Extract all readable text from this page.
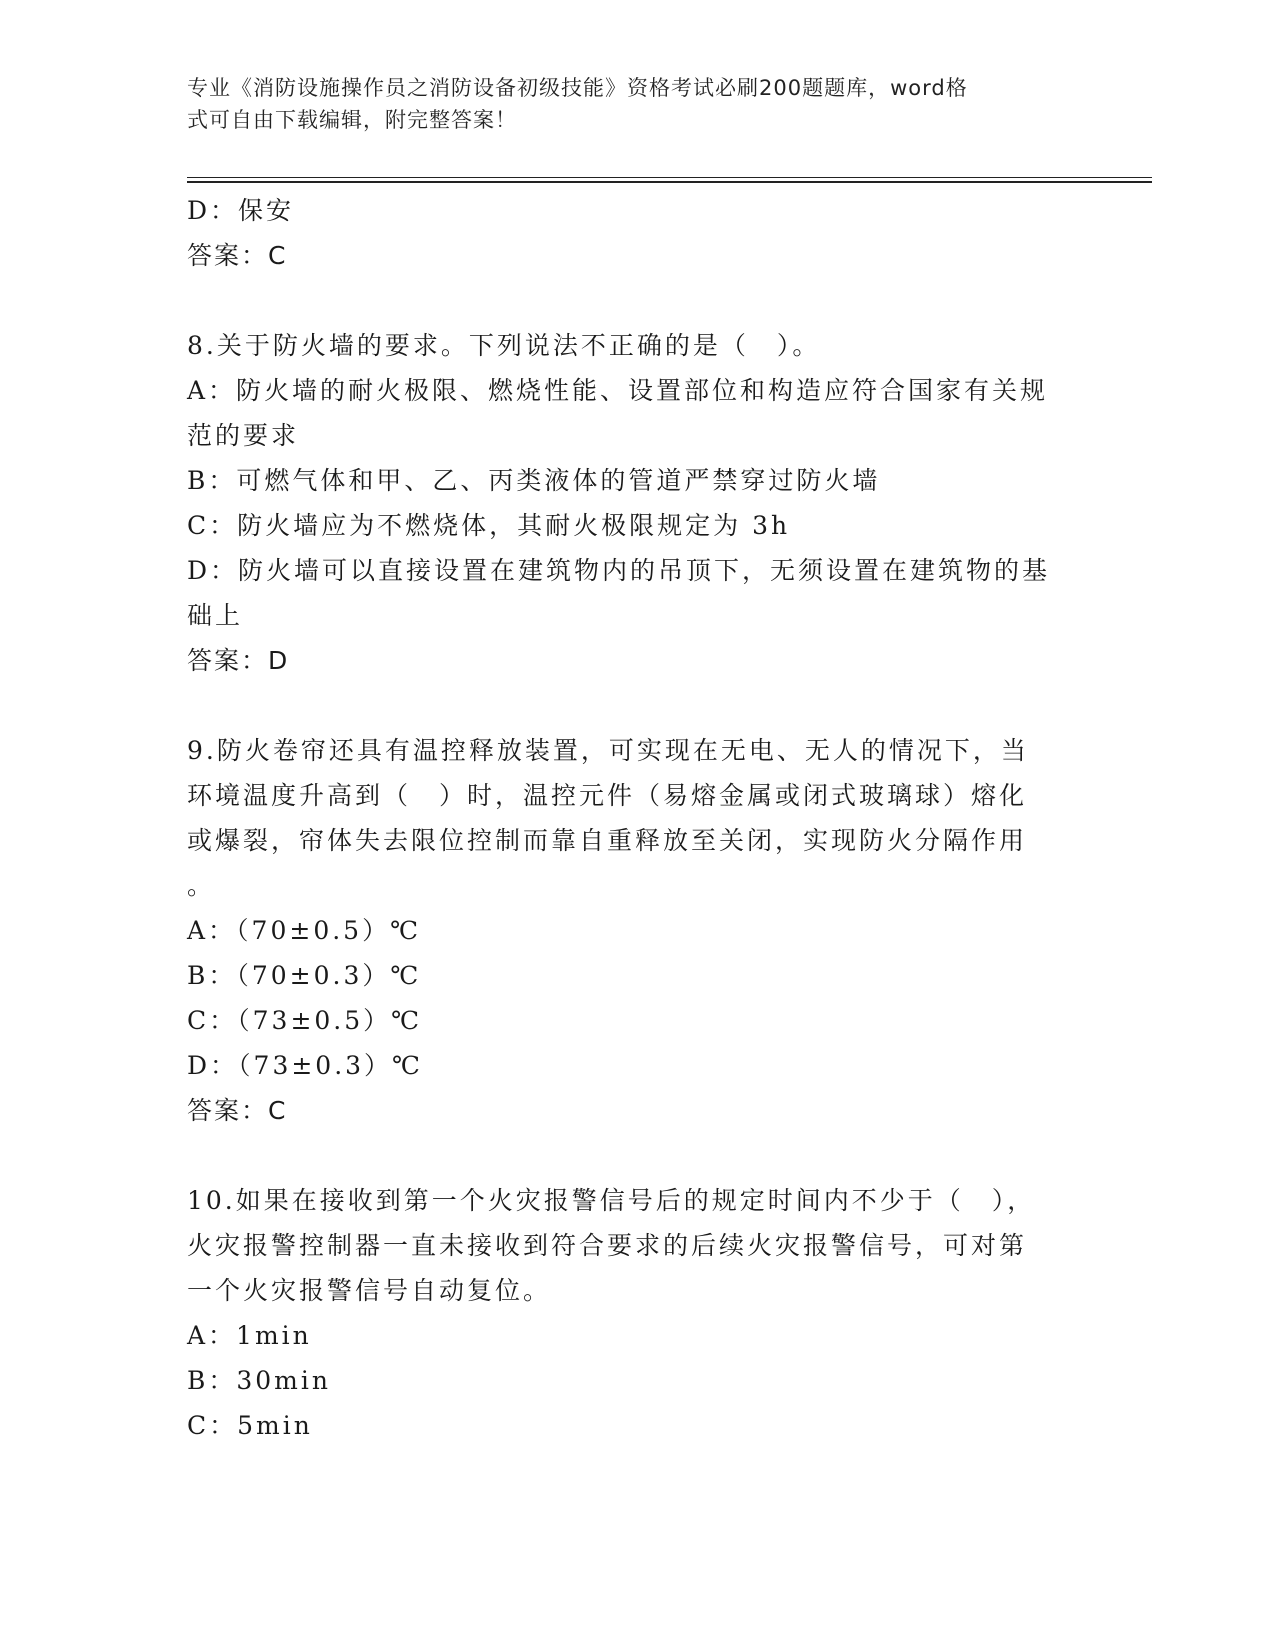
专业《消防设施操作员之消防设备初级技能》资格考试必刷200题题库，word格
式可自由下载编辑，附完整答案！
D：保安
答案：C
8.关于防火墙的要求。下列说法不正确的是（　）。
A：防火墙的耐火极限、燃烧性能、设置部位和构造应符合国家有关规
范的要求
B：可燃气体和甲、乙、丙类液体的管道严禁穿过防火墙
C：防火墙应为不燃烧体，其耐火极限规定为 3h
D：防火墙可以直接设置在建筑物内的吊顶下，无须设置在建筑物的基
础上
答案：D
9.防火卷帘还具有温控释放装置，可实现在无电、无人的情况下，当
环境温度升高到（　）时，温控元件（易熔金属或闭式玻璃球）熔化
或爆裂，帘体失去限位控制而靠自重释放至关闭，实现防火分隔作用
。
A：（70±0.5）℃
B：（70±0.3）℃
C：（73±0.5）℃
D：（73±0.3）℃
答案：C
10.如果在接收到第一个火灾报警信号后的规定时间内不少于（　），
火灾报警控制器一直未接收到符合要求的后续火灾报警信号，可对第
一个火灾报警信号自动复位。
A：1min
B：30min
C：5min
